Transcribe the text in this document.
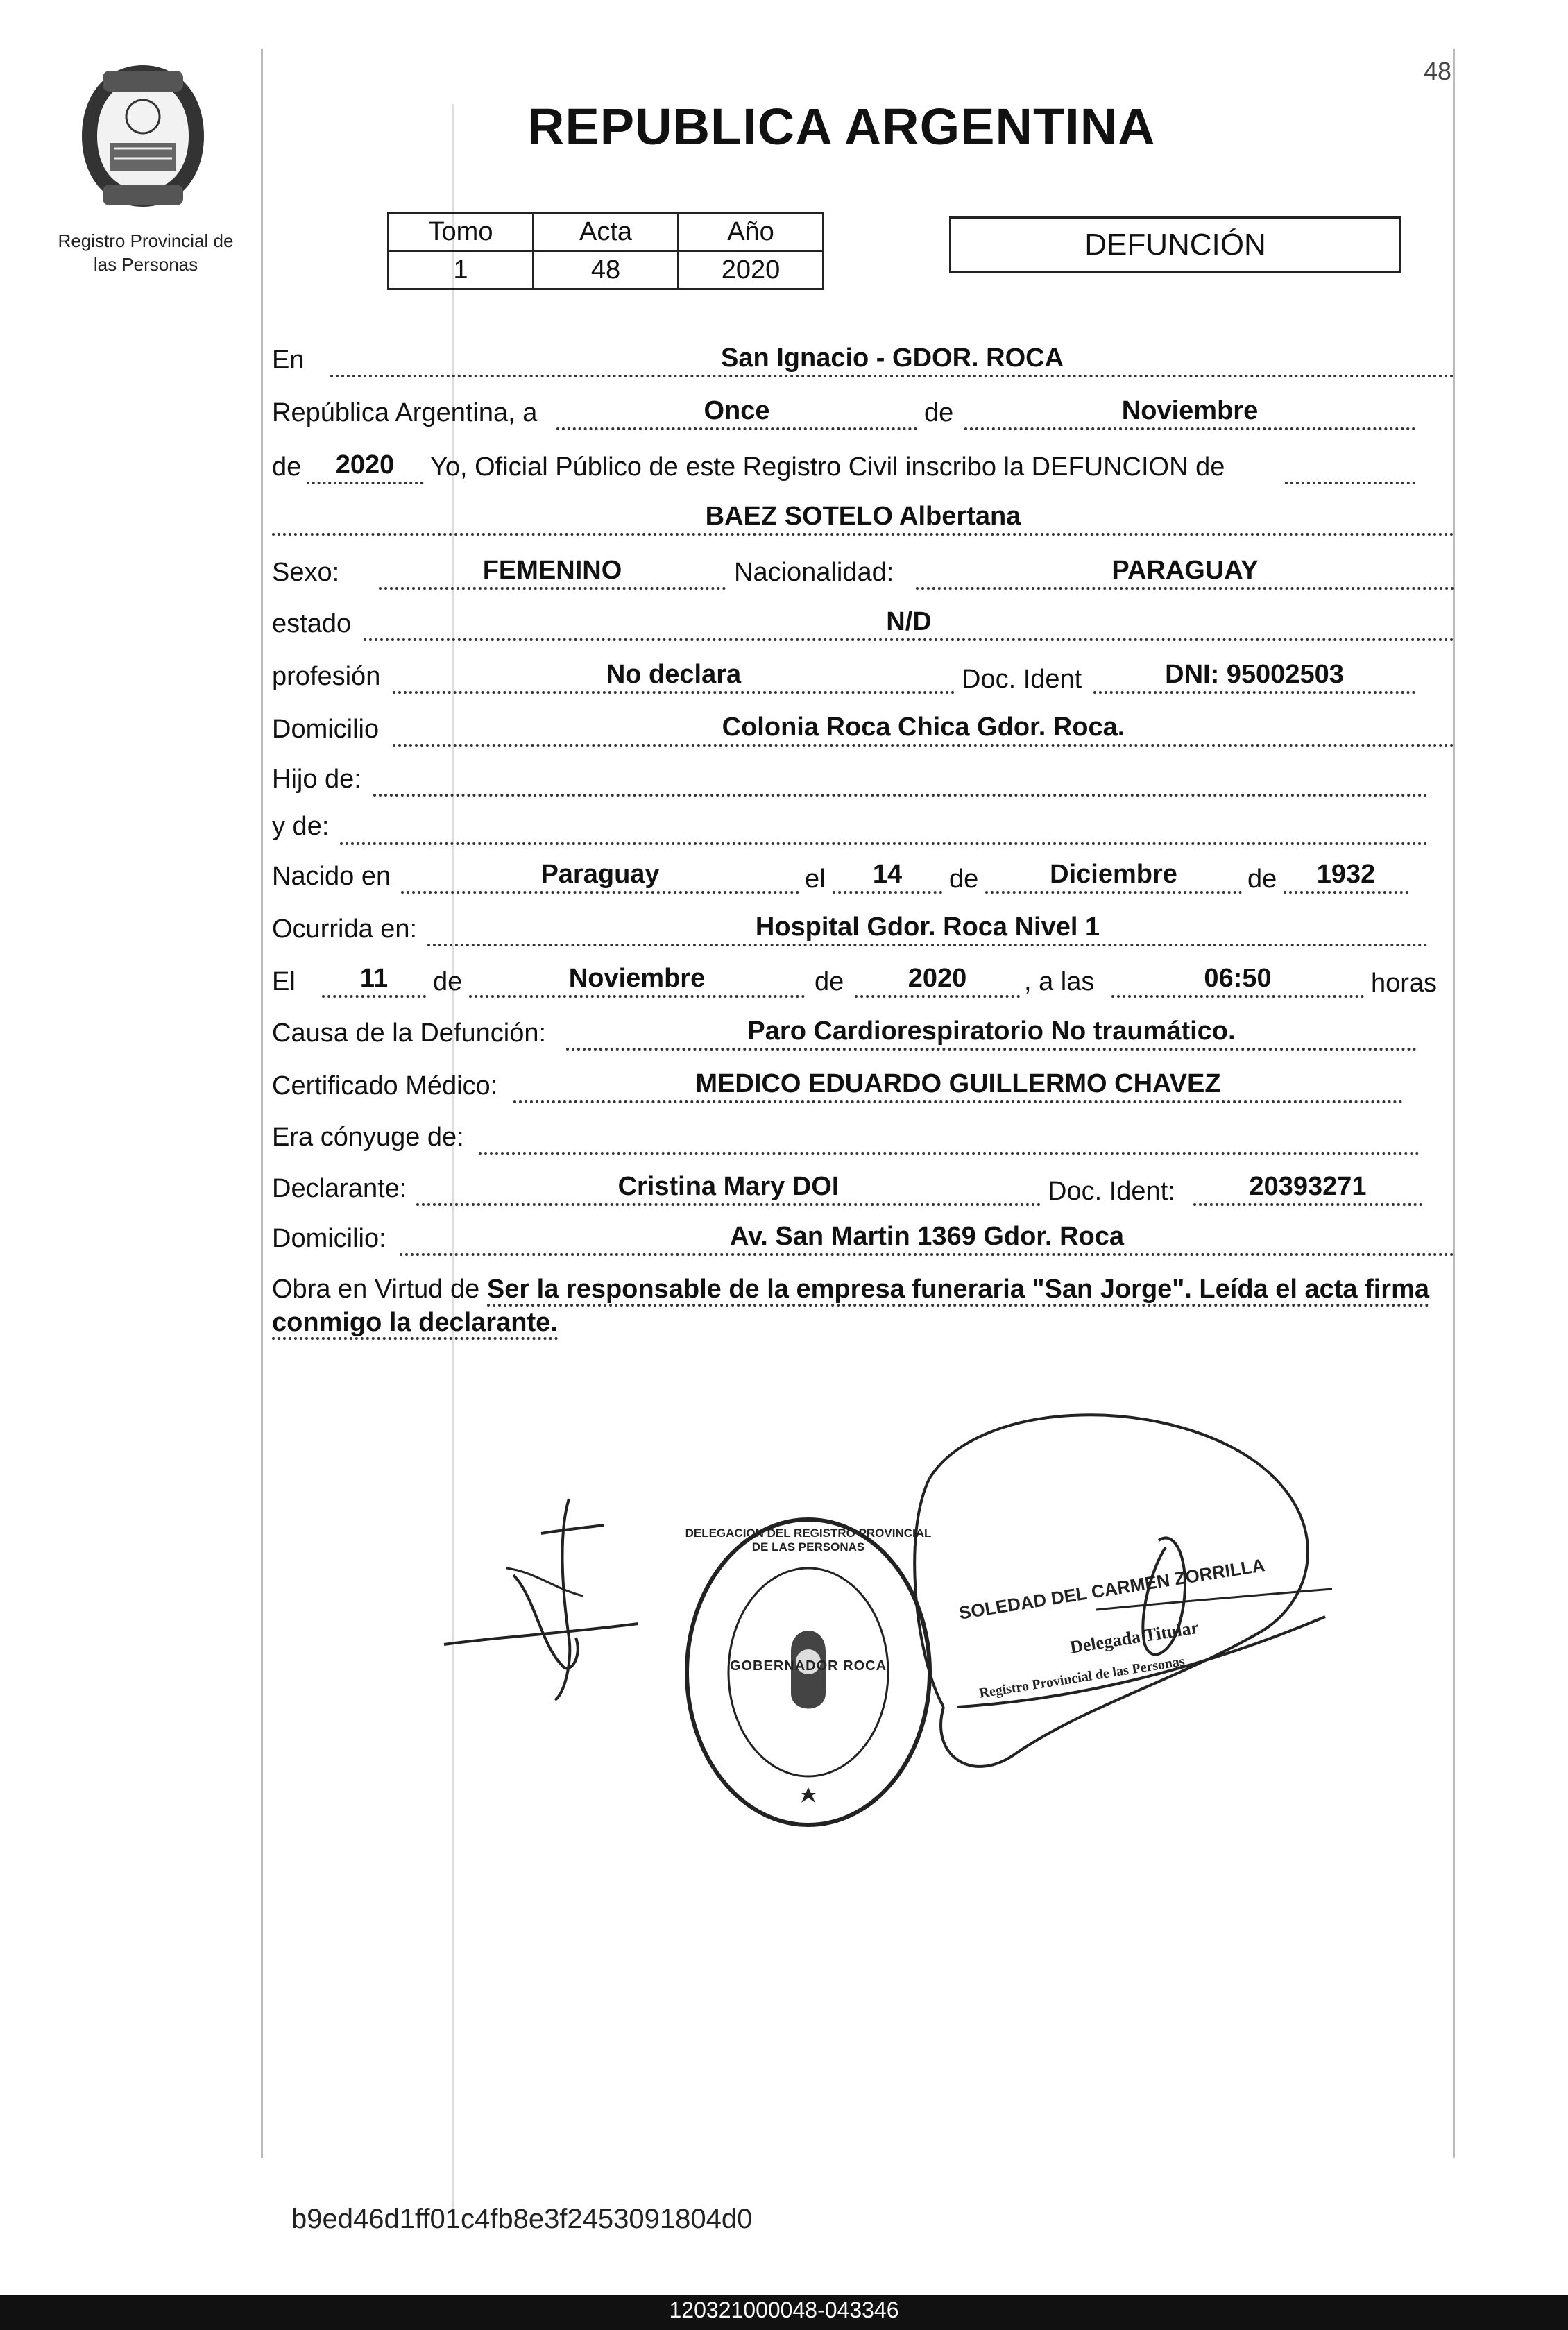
48
Registro Provincial de
las Personas
REPUBLICA ARGENTINA
Tomo	Acta	Año
1	48	2020
DEFUNCIÓN
En	San Ignacio - GDOR. ROCA
República Argentina, a	Once	de	Noviembre
de	2020	Yo, Oficial Público de este Registro Civil inscribo la DEFUNCION de
BAEZ SOTELO Albertana
Sexo:	FEMENINO	Nacionalidad:	PARAGUAY
estado	N/D
profesión	No declara	Doc. Ident	DNI: 95002503
Domicilio	Colonia Roca Chica Gdor. Roca.
Hijo de:
y de:
Nacido en	Paraguay	el	14	de	Diciembre	de	1932
Ocurrida en:	Hospital Gdor. Roca Nivel 1
El	11	de	Noviembre	de	2020	, a las	06:50	horas
Causa de la Defunción:	Paro Cardiorespiratorio No traumático.
Certificado Médico:	MEDICO EDUARDO GUILLERMO CHAVEZ
Era cónyuge de:
Declarante:	Cristina Mary DOI	Doc. Ident:	20393271
Domicilio:	Av. San Martin 1369 Gdor. Roca
Obra en Virtud de Ser la responsable de la empresa funeraria "San Jorge". Leída el acta firma conmigo la declarante.
GOBERNADOR ROCA
DELEGACION DEL REGISTRO PROVINCIAL DE LAS PERSONAS
SOLEDAD DEL CARMEN ZORRILLA
Delegada Titular
Registro Provincial de las Personas
b9ed46d1ff01c4fb8e3f2453091804d0
120321000048-043346
